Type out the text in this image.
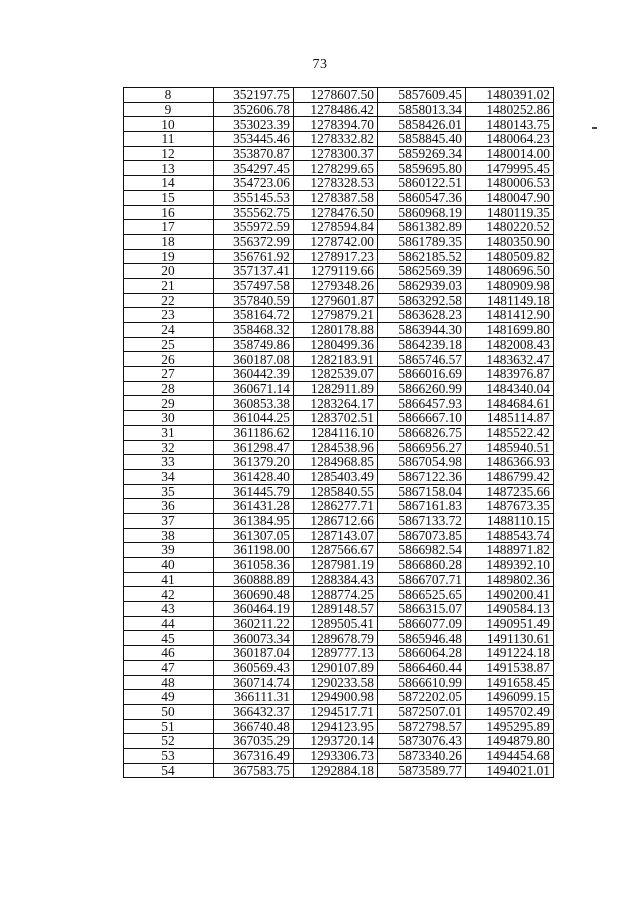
73
8	352197.75	1278607.50	5857609.45	1480391.02
9	352606.78	1278486.42	5858013.34	1480252.86
10	353023.39	1278394.70	5858426.01	1480143.75
11	353445.46	1278332.82	5858845.40	1480064.23
12	353870.87	1278300.37	5859269.34	1480014.00
13	354297.45	1278299.65	5859695.80	1479995.45
14	354723.06	1278328.53	5860122.51	1480006.53
15	355145.53	1278387.58	5860547.36	1480047.90
16	355562.75	1278476.50	5860968.19	1480119.35
17	355972.59	1278594.84	5861382.89	1480220.52
18	356372.99	1278742.00	5861789.35	1480350.90
19	356761.92	1278917.23	5862185.52	1480509.82
20	357137.41	1279119.66	5862569.39	1480696.50
21	357497.58	1279348.26	5862939.03	1480909.98
22	357840.59	1279601.87	5863292.58	1481149.18
23	358164.72	1279879.21	5863628.23	1481412.90
24	358468.32	1280178.88	5863944.30	1481699.80
25	358749.86	1280499.36	5864239.18	1482008.43
26	360187.08	1282183.91	5865746.57	1483632.47
27	360442.39	1282539.07	5866016.69	1483976.87
28	360671.14	1282911.89	5866260.99	1484340.04
29	360853.38	1283264.17	5866457.93	1484684.61
30	361044.25	1283702.51	5866667.10	1485114.87
31	361186.62	1284116.10	5866826.75	1485522.42
32	361298.47	1284538.96	5866956.27	1485940.51
33	361379.20	1284968.85	5867054.98	1486366.93
34	361428.40	1285403.49	5867122.36	1486799.42
35	361445.79	1285840.55	5867158.04	1487235.66
36	361431.28	1286277.71	5867161.83	1487673.35
37	361384.95	1286712.66	5867133.72	1488110.15
38	361307.05	1287143.07	5867073.85	1488543.74
39	361198.00	1287566.67	5866982.54	1488971.82
40	361058.36	1287981.19	5866860.28	1489392.10
41	360888.89	1288384.43	5866707.71	1489802.36
42	360690.48	1288774.25	5866525.65	1490200.41
43	360464.19	1289148.57	5866315.07	1490584.13
44	360211.22	1289505.41	5866077.09	1490951.49
45	360073.34	1289678.79	5865946.48	1491130.61
46	360187.04	1289777.13	5866064.28	1491224.18
47	360569.43	1290107.89	5866460.44	1491538.87
48	360714.74	1290233.58	5866610.99	1491658.45
49	366111.31	1294900.98	5872202.05	1496099.15
50	366432.37	1294517.71	5872507.01	1495702.49
51	366740.48	1294123.95	5872798.57	1495295.89
52	367035.29	1293720.14	5873076.43	1494879.80
53	367316.49	1293306.73	5873340.26	1494454.68
54	367583.75	1292884.18	5873589.77	1494021.01
